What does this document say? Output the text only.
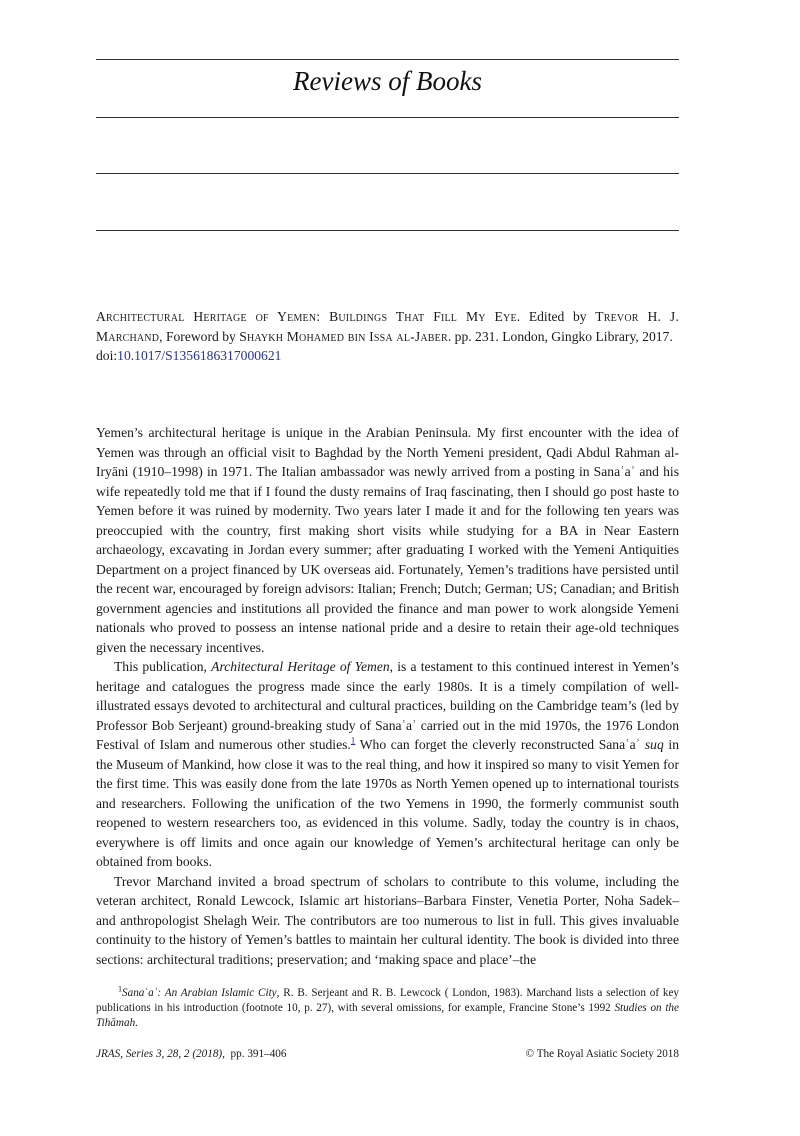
Reviews of Books
Architectural Heritage of Yemen: Buildings That Fill My Eye. Edited by Trevor H. J. Marchand, Foreword by Shaykh Mohamed bin Issa al-Jaber. pp. 231. London, Gingko Library, 2017.
doi:10.1017/S1356186317000621

Yemen’s architectural heritage is unique in the Arabian Peninsula. My first encounter with the idea of Yemen was through an official visit to Baghdad by the North Yemeni president, Qadi Abdul Rahman al-Iryāni (1910–1998) in 1971. The Italian ambassador was newly arrived from a posting in Sanaʿaʾ and his wife repeatedly told me that if I found the dusty remains of Iraq fascinating, then I should go post haste to Yemen before it was ruined by modernity. Two years later I made it and for the following ten years was preoccupied with the country, first making short visits while studying for a BA in Near Eastern archaeology, excavating in Jordan every summer; after graduating I worked with the Yemeni Antiquities Department on a project financed by UK overseas aid. Fortunately, Yemen’s traditions have persisted until the recent war, encouraged by foreign advisors: Italian; French; Dutch; German; US; Canadian; and British government agencies and institutions all provided the finance and man power to work alongside Yemeni nationals who proved to possess an intense national pride and a desire to retain their age-old techniques given the necessary incentives.

This publication, Architectural Heritage of Yemen, is a testament to this continued interest in Yemen’s heritage and catalogues the progress made since the early 1980s. It is a timely compilation of well-illustrated essays devoted to architectural and cultural practices, building on the Cambridge team’s (led by Professor Bob Serjeant) ground-breaking study of Sanaʿaʾ carried out in the mid 1970s, the 1976 London Festival of Islam and numerous other studies.$^1$ Who can forget the cleverly reconstructed Sanaʿaʾ suq in the Museum of Mankind, how close it was to the real thing, and how it inspired so many to visit Yemen for the first time. This was easily done from the late 1970s as North Yemen opened up to international tourists and researchers. Following the unification of the two Yemens in 1990, the formerly communist south reopened to western researchers too, as evidenced in this volume. Sadly, today the country is in chaos, everywhere is off limits and once again our knowledge of Yemen’s architectural heritage can only be obtained from books.

Trevor Marchand invited a broad spectrum of scholars to contribute to this volume, including the veteran architect, Ronald Lewcock, Islamic art historians–Barbara Finster, Venetia Porter, Noha Sadek–and anthropologist Shelagh Weir. The contributors are too numerous to list in full. This gives invaluable continuity to the history of Yemen’s battles to maintain her cultural identity. The book is divided into three sections: architectural traditions; preservation; and ‘making space and place’–the

$^1$Sanaʿaʾ: An Arabian Islamic City, R. B. Serjeant and R. B. Lewcock ( London, 1983). Marchand lists a selection of key publications in his introduction (footnote 10, p. 27), with several omissions, for example, Francine Stone’s 1992 Studies on the Tihāmah.
JRAS, Series 3, 28, 2 (2018), pp. 391–406	© The Royal Asiatic Society 2018
